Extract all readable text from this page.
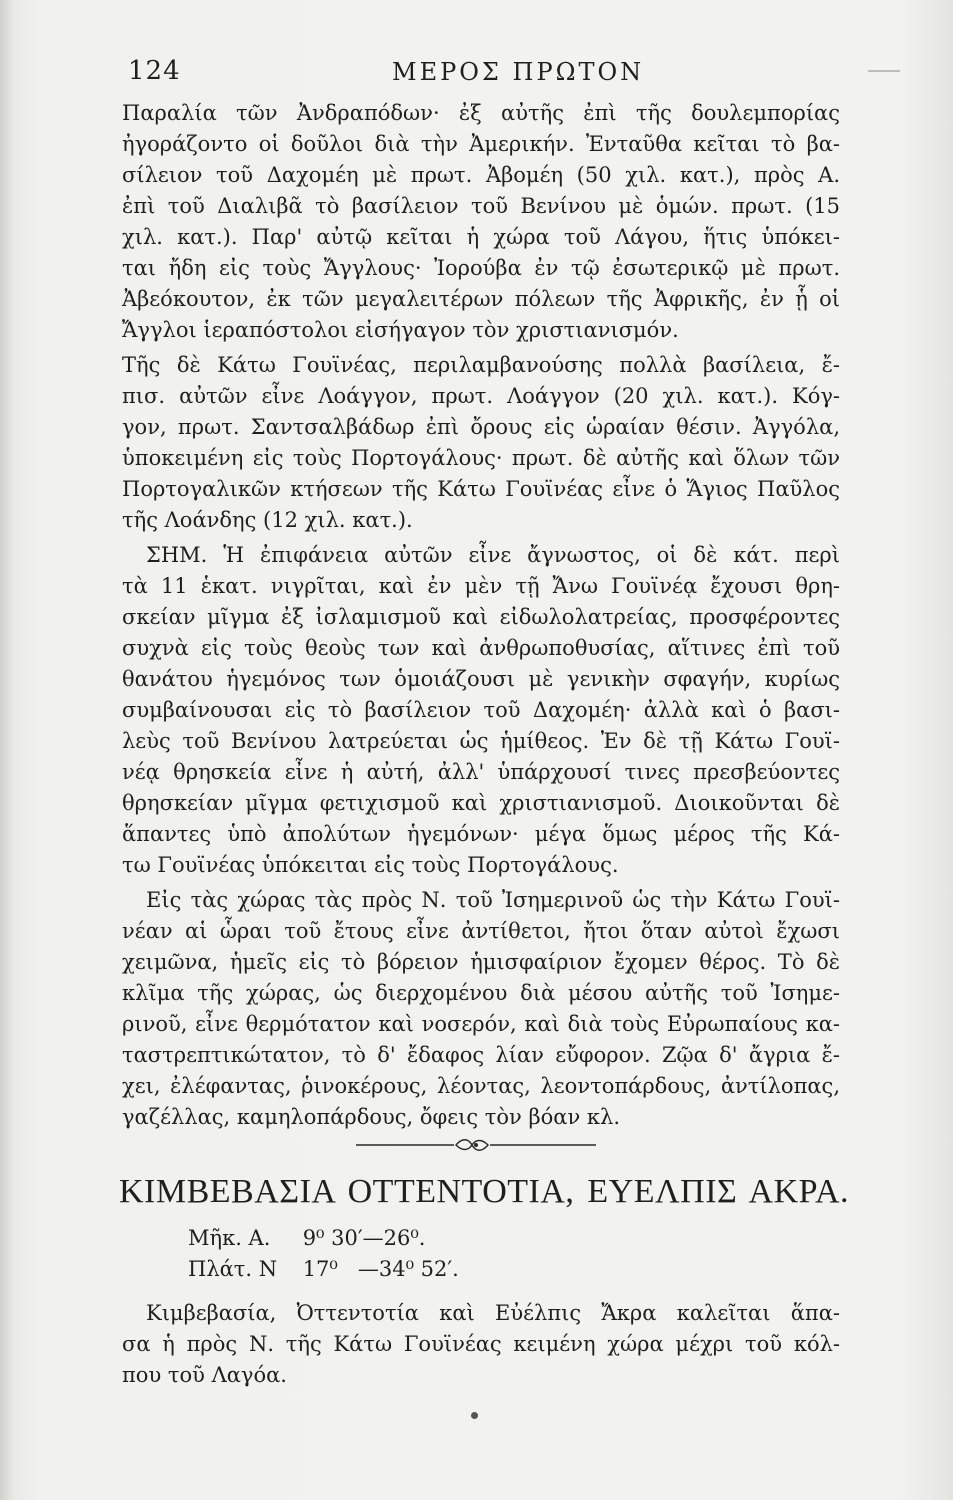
124	ΜΕΡΟΣ ΠΡΩΤΟΝ
Παραλία τῶν Ἀνδραπόδων· ἐξ αὐτῆς ἐπὶ τῆς δουλεμπορίας
ἠγοράζοντο οἱ δοῦλοι διὰ τὴν Ἀμερικήν. Ἐνταῦθα κεῖται τὸ βα-
σίλειον τοῦ Δαχομέη μὲ πρωτ. Ἀβομέη (50 χιλ. κατ.), πρὸς Α.
ἐπὶ τοῦ Διαλιβᾶ τὸ βασίλειον τοῦ Βενίνου μὲ ὁμών. πρωτ. (15
χιλ. κατ.). Παρ' αὐτῷ κεῖται ἡ χώρα τοῦ Λάγου, ἥτις ὑπόκει-
ται ἤδη εἰς τοὺς Ἄγγλους· Ἰορούβα ἐν τῷ ἐσωτερικῷ μὲ πρωτ.
Ἀβεόκουτον, ἐκ τῶν μεγαλειτέρων πόλεων τῆς Ἀφρικῆς, ἐν ᾗ οἱ
Ἄγγλοι ἱεραπόστολοι εἰσήγαγον τὸν χριστιανισμόν.
Τῆς δὲ Κάτω Γουϊνέας, περιλαμβανούσης πολλὰ βασίλεια, ἔ-
πισ. αὐτῶν εἶνε Λοάγγον, πρωτ. Λοάγγον (20 χιλ. κατ.). Κόγ-
γον, πρωτ. Σαντσαλβάδωρ ἐπὶ ὄρους εἰς ὡραίαν θέσιν. Ἀγγόλα,
ὑποκειμένη εἰς τοὺς Πορτογάλους· πρωτ. δὲ αὐτῆς καὶ ὅλων τῶν
Πορτογαλικῶν κτήσεων τῆς Κάτω Γουϊνέας εἶνε ὁ Ἅγιος Παῦλος
τῆς Λοάνδης (12 χιλ. κατ.).
ΣΗΜ. Ἡ ἐπιφάνεια αὐτῶν εἶνε ἄγνωστος, οἱ δὲ κάτ. περὶ
τὰ 11 ἑκατ. νιγρῖται, καὶ ἐν μὲν τῇ Ἄνω Γουϊνέᾳ ἔχουσι θρη-
σκείαν μῖγμα ἐξ ἰσλαμισμοῦ καὶ εἰδωλολατρείας, προσφέροντες
συχνὰ εἰς τοὺς θεοὺς των καὶ ἀνθρωποθυσίας, αἵτινες ἐπὶ τοῦ
θανάτου ἡγεμόνος των ὁμοιάζουσι μὲ γενικὴν σφαγήν, κυρίως
συμβαίνουσαι εἰς τὸ βασίλειον τοῦ Δαχομέη· ἀλλὰ καὶ ὁ βασι-
λεὺς τοῦ Βενίνου λατρεύεται ὡς ἡμίθεος. Ἐν δὲ τῇ Κάτω Γουϊ-
νέᾳ θρησκεία εἶνε ἡ αὐτή, ἀλλ' ὑπάρχουσί τινες πρεσβεύοντες
θρησκείαν μῖγμα φετιχισμοῦ καὶ χριστιανισμοῦ. Διοικοῦνται δὲ
ἅπαντες ὑπὸ ἀπολύτων ἡγεμόνων· μέγα ὅμως μέρος τῆς Κά-
τω Γουϊνέας ὑπόκειται εἰς τοὺς Πορτογάλους.
Εἰς τὰς χώρας τὰς πρὸς Ν. τοῦ Ἰσημερινοῦ ὡς τὴν Κάτω Γουϊ-
νέαν αἱ ὧραι τοῦ ἔτους εἶνε ἀντίθετοι, ἤτοι ὅταν αὐτοὶ ἔχωσι
χειμῶνα, ἡμεῖς εἰς τὸ βόρειον ἡμισφαίριον ἔχομεν θέρος. Τὸ δὲ
κλῖμα τῆς χώρας, ὡς διερχομένου διὰ μέσου αὐτῆς τοῦ Ἰσημε-
ρινοῦ, εἶνε θερμότατον καὶ νοσερόν, καὶ διὰ τοὺς Εὐρωπαίους κα-
ταστρεπτικώτατον, τὸ δ' ἔδαφος λίαν εὔφορον. Ζῷα δ' ἄγρια ἔ-
χει, ἐλέφαντας, ῥινοκέρους, λέοντας, λεοντοπάρδους, ἀντίλοπας,
γαζέλλας, καμηλοπάρδους, ὄφεις τὸν βόαν κλ.
ΚΙΜΒΕΒΑΣΙΑ ΟΤΤΕΝΤΟΤΙΑ, ΕΥΕΛΠΙΣ ΑΚΡΑ.
Μῆκ. Α. 9⁰ 30′—26⁰.
Πλάτ. Ν 17⁰   —34⁰ 52′.
Κιμβεβασία, Ὀττεντοτία καὶ Εὐέλπις Ἄκρα καλεῖται ἅπα-
σα ἡ πρὸς Ν. τῆς Κάτω Γουϊνέας κειμένη χώρα μέχρι τοῦ κόλ-
που τοῦ Λαγόα.
